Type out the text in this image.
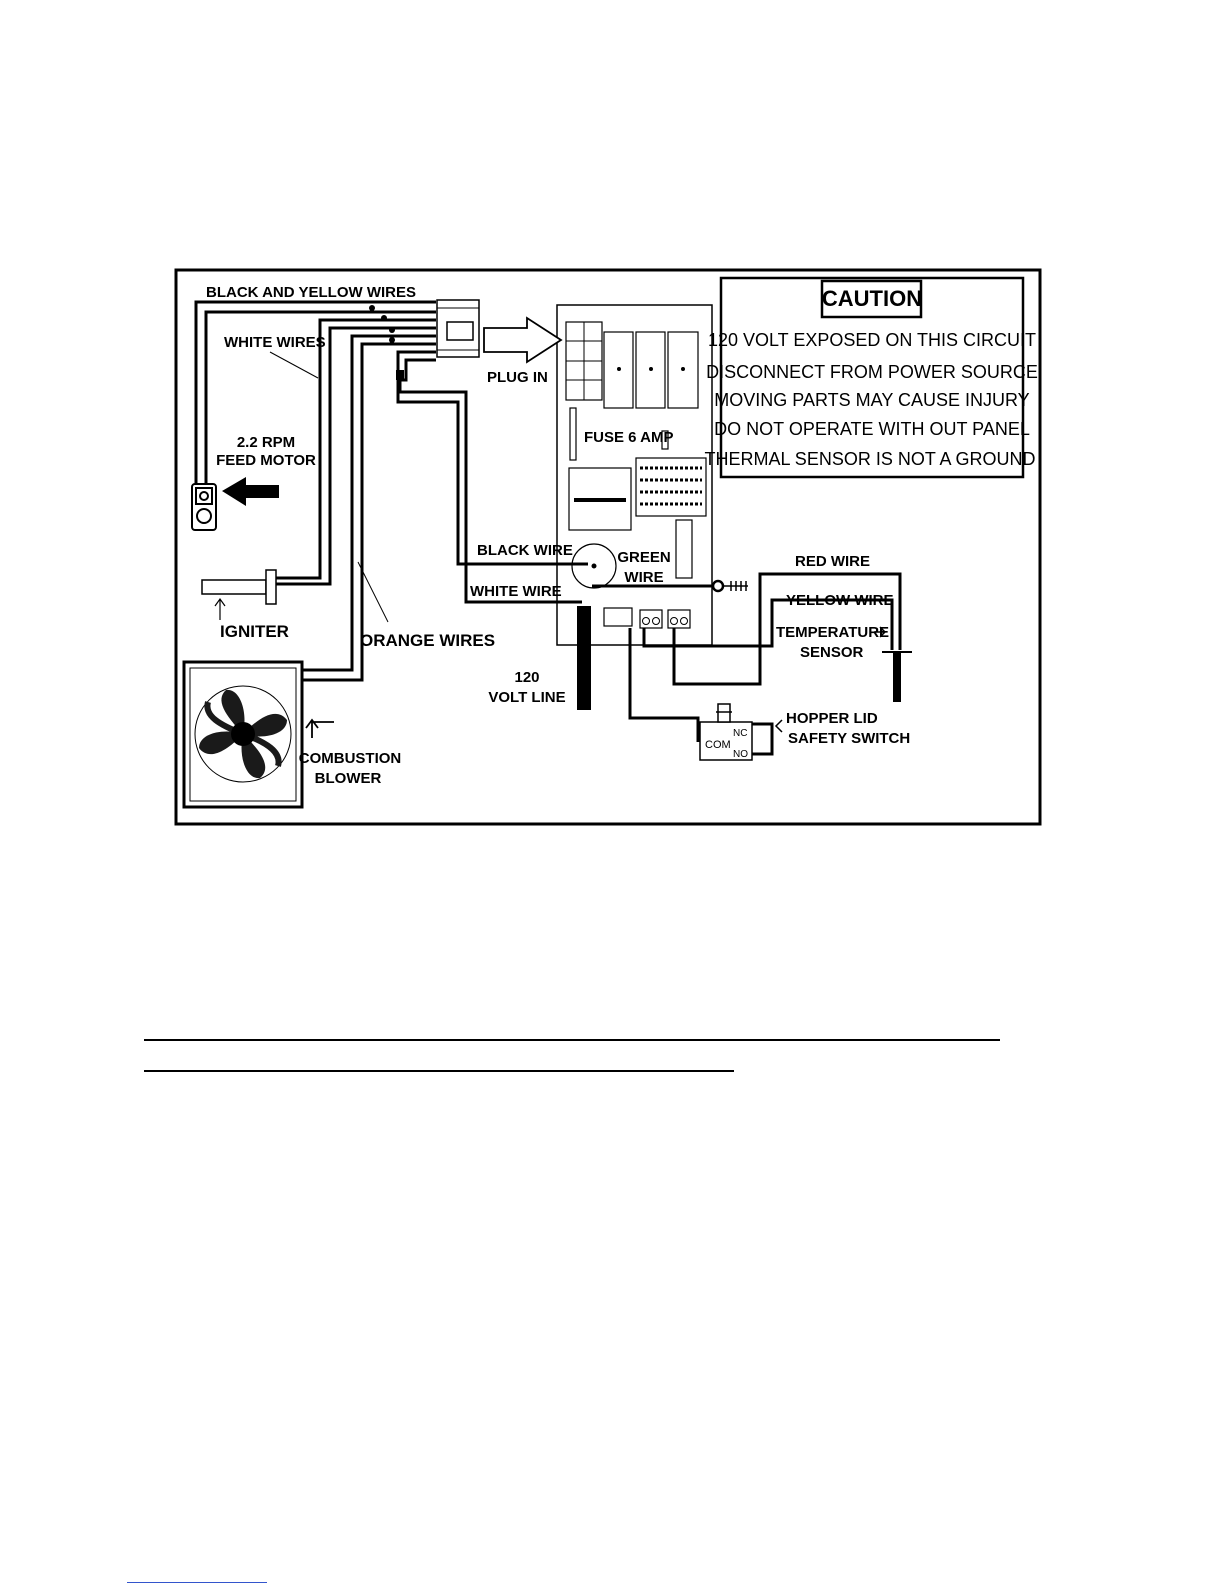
CAUTION
120 VOLT EXPOSED ON THIS CIRCUIT
DISCONNECT FROM POWER SOURCE
MOVING PARTS MAY CAUSE INJURY
DO NOT OPERATE WITH OUT PANEL
THERMAL SENSOR IS NOT A GROUND
COM
NC
NO
BLACK AND YELLOW WIRES
WHITE WIRES
PLUG IN
2.2 RPM
FEED MOTOR
FUSE 6 AMP
BLACK WIRE	GREEN
WIRE
RED WIRE
WHITE WIRE
YELLOW WIRE
IGNITER	ORANGE WIRES	TEMPERATURE
SENSOR
120
VOLT LINE
HOPPER LID
SAFETY SWITCH
COMBUSTION
BLOWER
